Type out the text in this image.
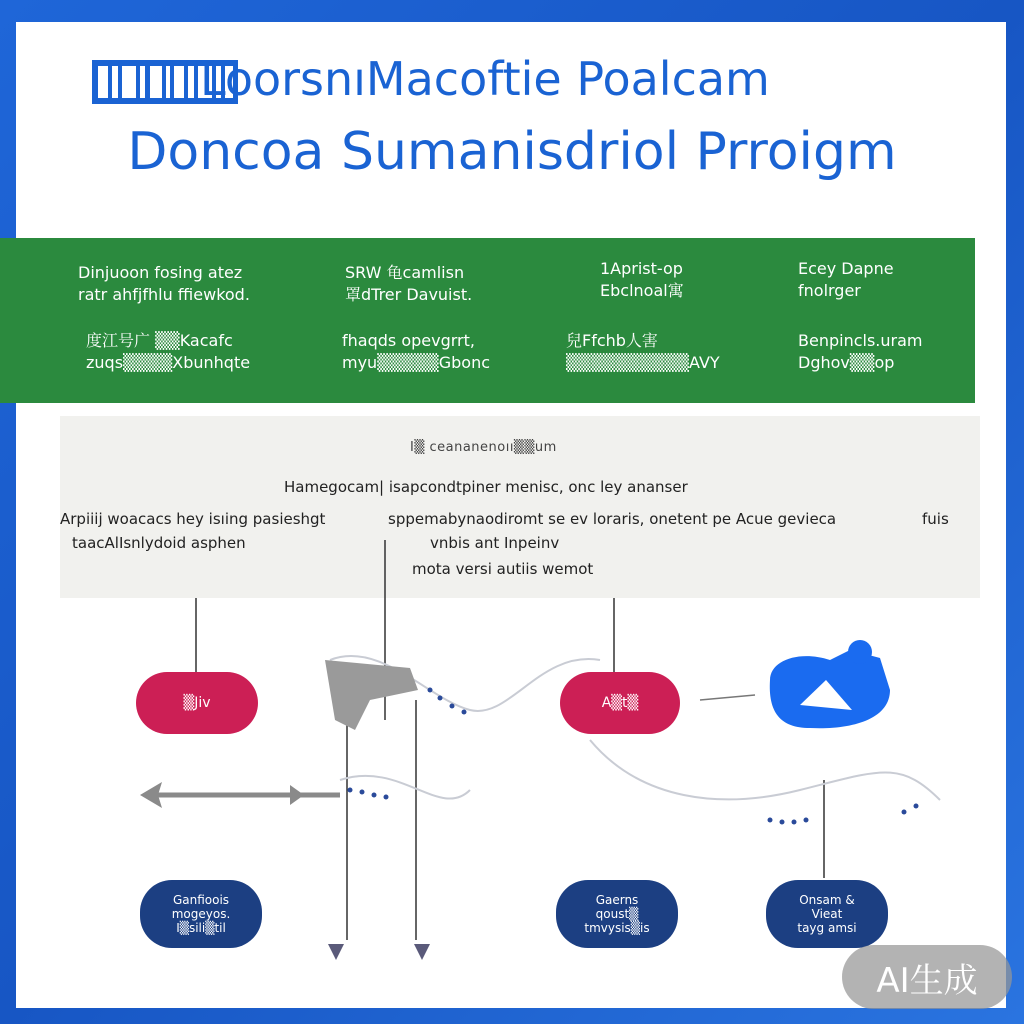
LoorsnıMacoftie Poalcam
Doncoa Sumanisdriol Prroigm
Dinjuoon fosing atez
ratr ahfjfhlu ffiewkod.
SRW 龟camlisn
罩dTrer Davuist.
1Aprist-op
Ebclnoal寓
Ecey Dapne
fnolrger
度江号广 ▒▒Kacafc
zuqs▒▒▒▒Xbunhqte
fhaqds opevgrrt,
myu▒▒▒▒▒Gbonc
兒Ffchb人害
▒▒▒▒▒▒▒▒▒▒AVY
Benpincls.uram
Dghov▒▒op
I▒ ceananenoıı▒▒um
Hamegocam| isapcondtpiner menisc, onc ley ananser
Arpiiij woacacs hey isıing pasieshgt
taacAlIsnlydoid asphen
sppemabynaodiromt se ev loraris, onetent pe Acue gevieca
vnbis ant Inpeinv
mota versi autiis wemot
fuis
▒Jiv	A▒t▒
Ganfioois
mogeyos.
I▒sili▒til
Gaerns
qoust▒
tmvysis▒is
Onsam &
Vieat
tayg amsi
AI生成
